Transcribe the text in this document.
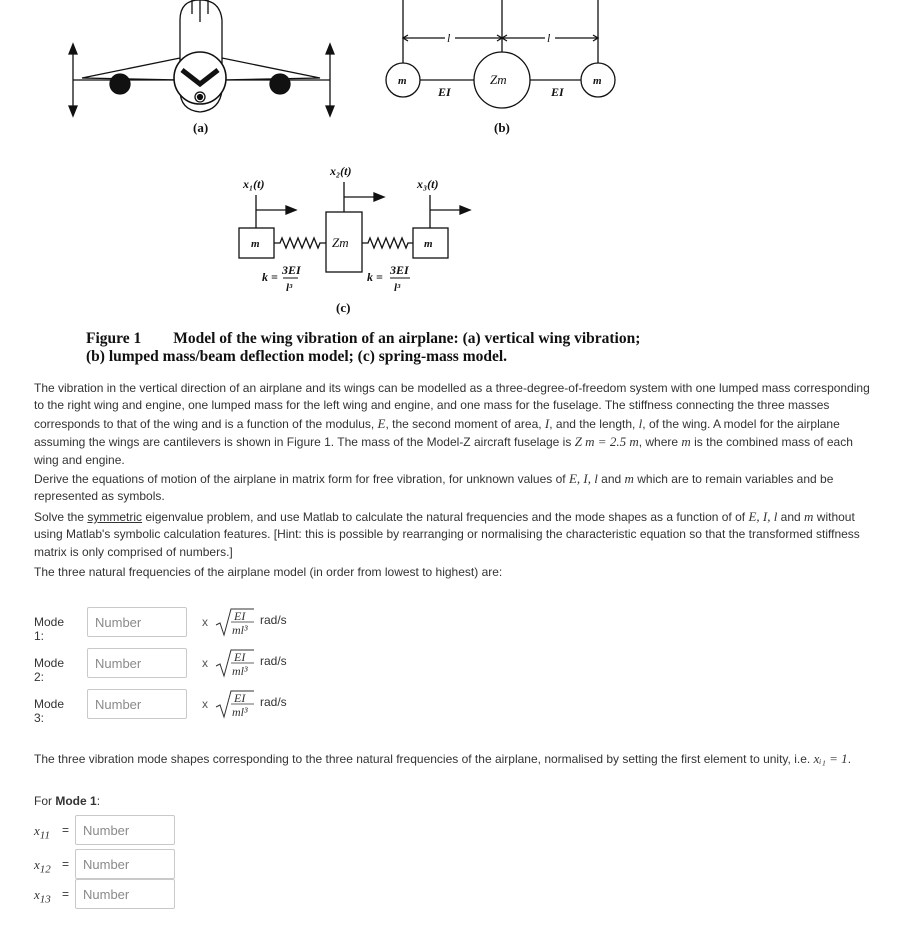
(a)
l	l
m	Zm	m
EI	EI
(b)
x₁(t)
x₂(t)
x₃(t)
m	Zm	m
k = 3EI
l³
k = 3EI
l³
(c)
Figure 1 Model of the wing vibration of an airplane: (a) vertical wing vibration; (b) lumped mass/beam deflection model; (c) spring-mass model.
The vibration in the vertical direction of an airplane and its wings can be modelled as a three-degree-of-freedom system with one lumped mass corresponding to the right wing and engine, one lumped mass for the left wing and engine, and one mass for the fuselage. The stiffness connecting the three masses corresponds to that of the wing and is a function of the modulus, E, the second moment of area, I, and the length, l, of the wing. A model for the airplane assuming the wings are cantilevers is shown in Figure 1. The mass of the Model-Z aircraft fuselage is Z m = 2.5 m, where m is the combined mass of each wing and engine.
Derive the equations of motion of the airplane in matrix form for free vibration, for unknown values of E, I, l and m which are to remain variables and be represented as symbols.
Solve the symmetric eigenvalue problem, and use Matlab to calculate the natural frequencies and the mode shapes as a function of of E, I, l and m without using Matlab's symbolic calculation features. [Hint: this is possible by rearranging or normalising the characteristic equation so that the transformed stiffness matrix is only comprised of numbers.]
The three natural frequencies of the airplane model (in order from lowest to highest) are:
Mode 1:
Number
x EI
ml³
rad/s
Mode 2:
Number
x EI
ml³
rad/s
Mode 3:
Number
x EI
ml³
rad/s
The three vibration mode shapes corresponding to the three natural frequencies of the airplane, normalised by setting the first element to unity, i.e. xᵢ₁ = 1.
For Mode 1:
$x_{11}$ =
Number
$x_{12}$ =
Number
$x_{13}$ =
Number
